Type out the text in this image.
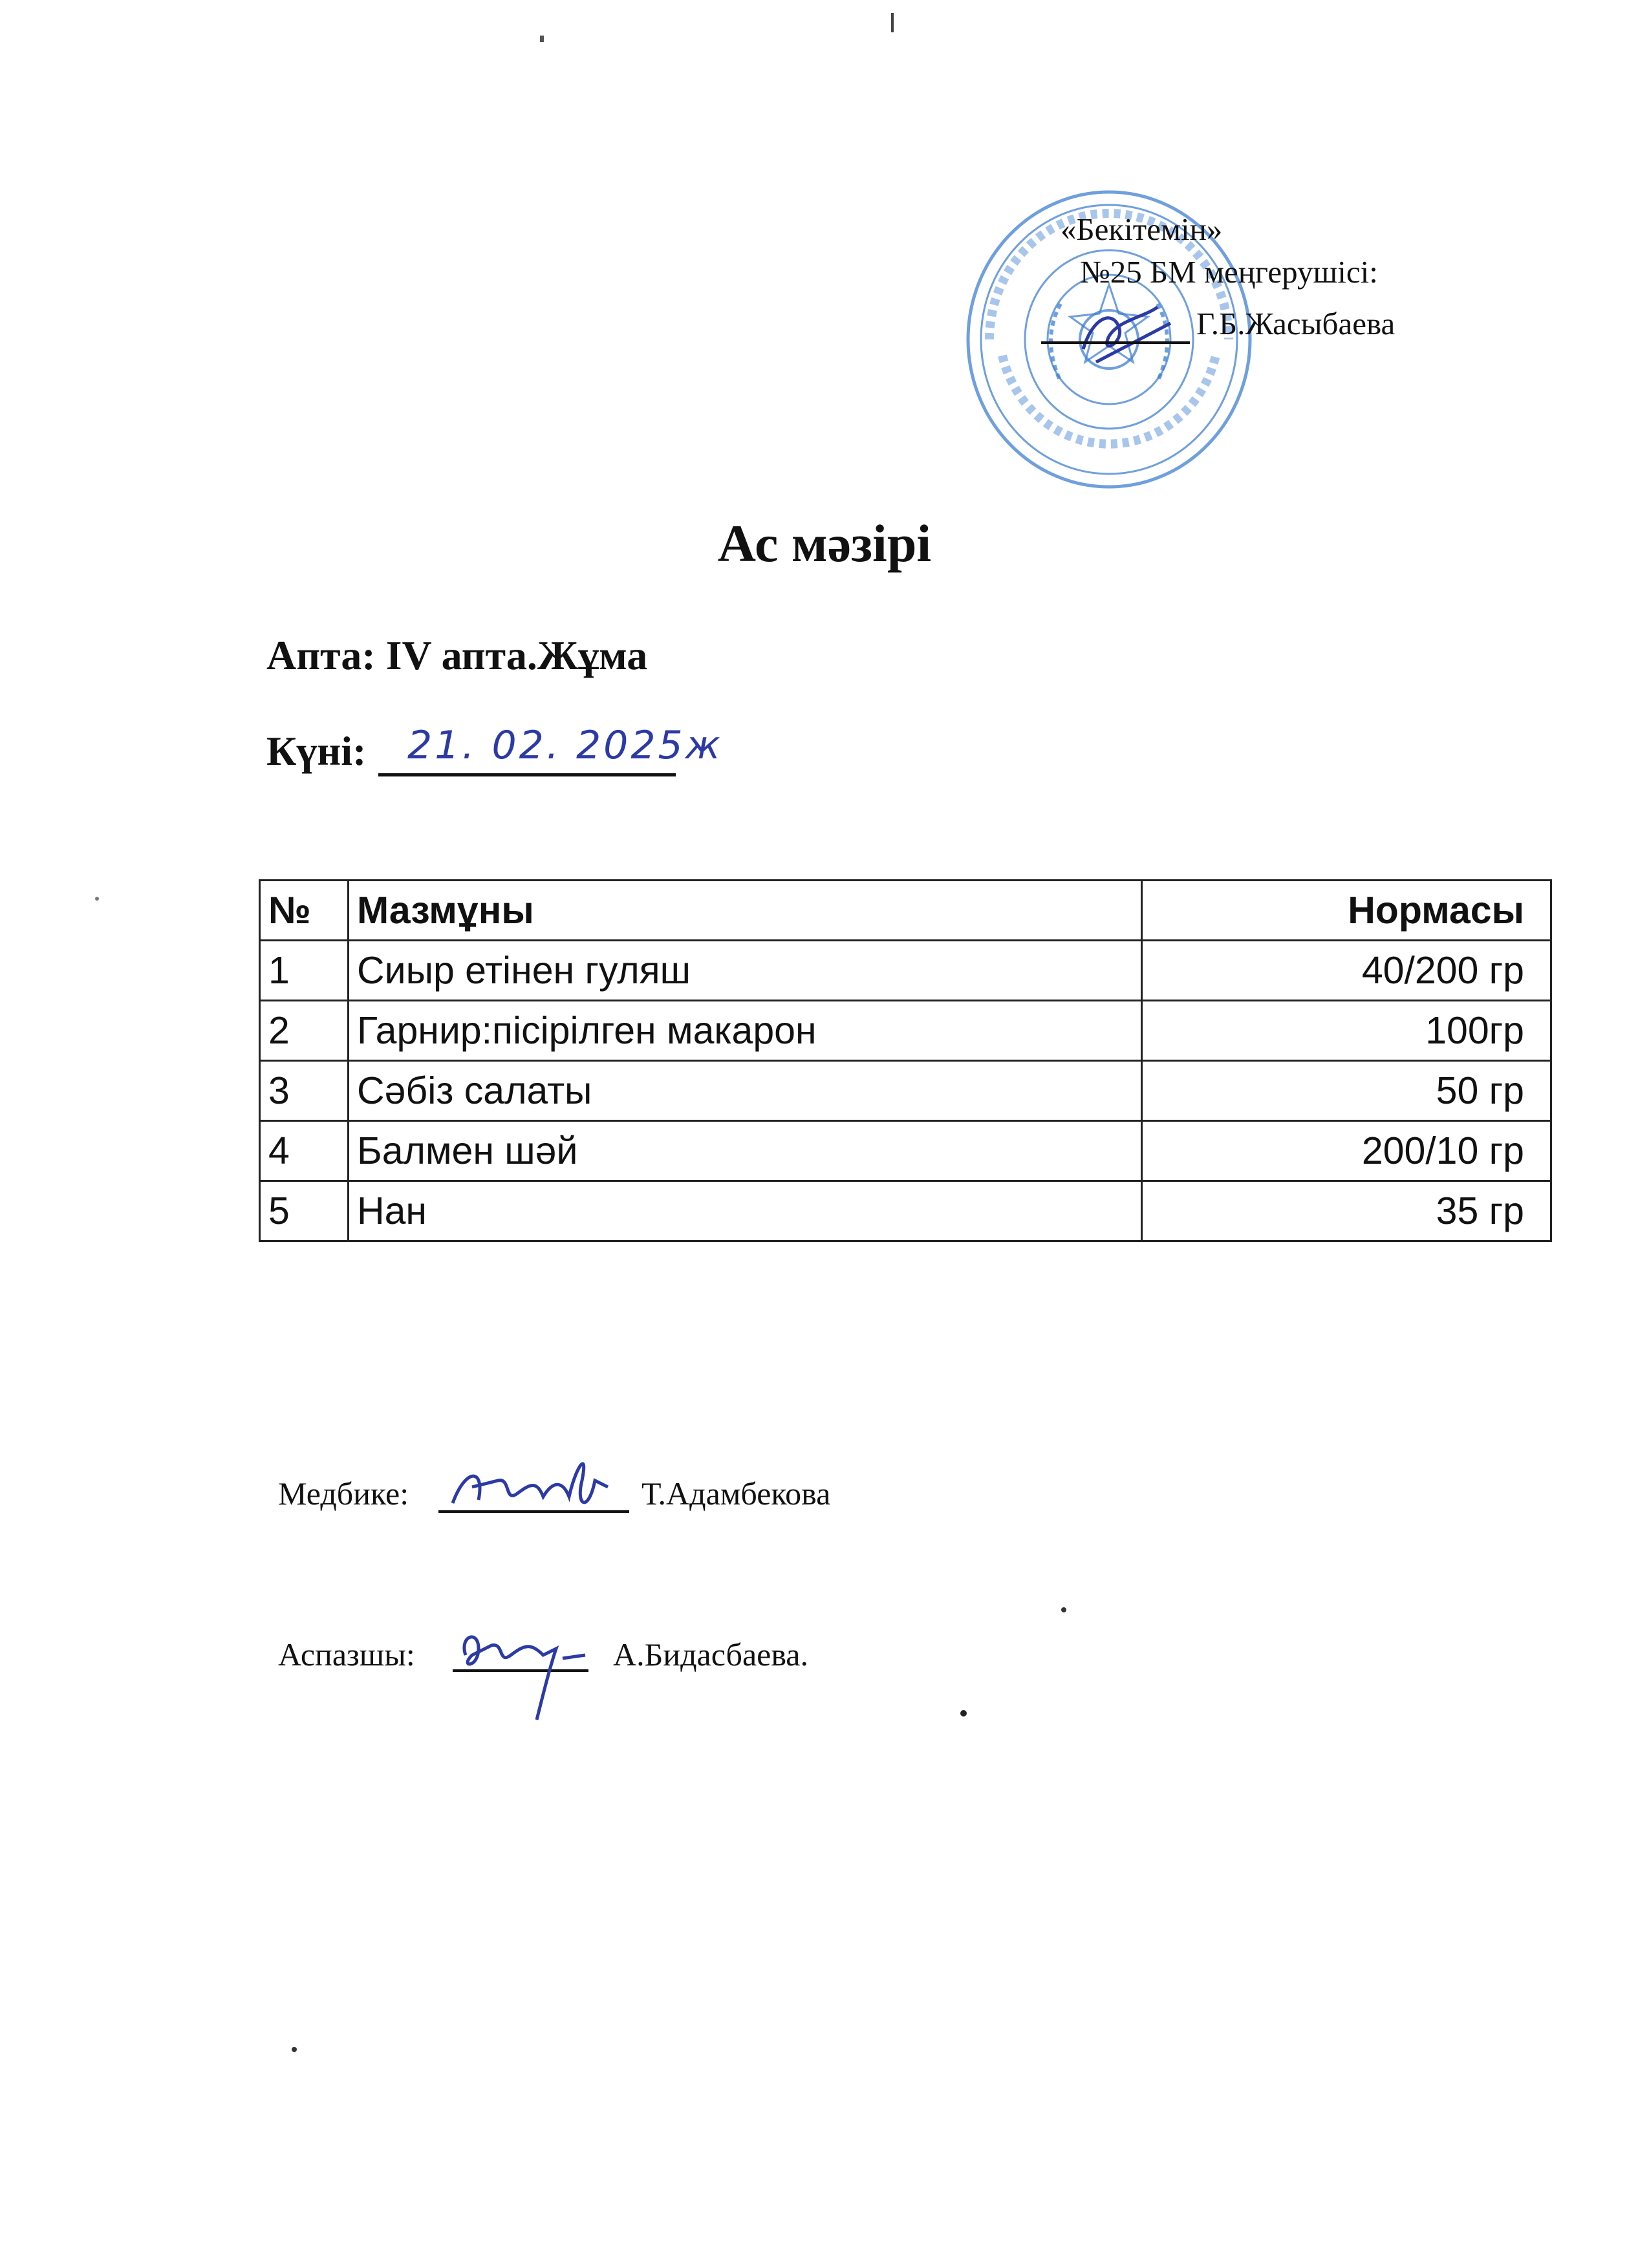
«Бекітемін»
№25 БМ меңгерушісі:
Г.Б.Жасыбаева
Ас мәзірі
Апта: IV апта.Жұма
Күні: 21. 02. 2025ж
№	Мазмұны	Нормасы
1	Сиыр етінен гуляш	40/200 гр
2	Гарнир:пісірілген макарон	100гр
3	Сәбіз салаты	50 гр
4	Балмен шәй	200/10 гр
5	Нан	35 гр
Медбике:	Т.Адамбекова
Аспазшы:	А.Бидасбаева.
